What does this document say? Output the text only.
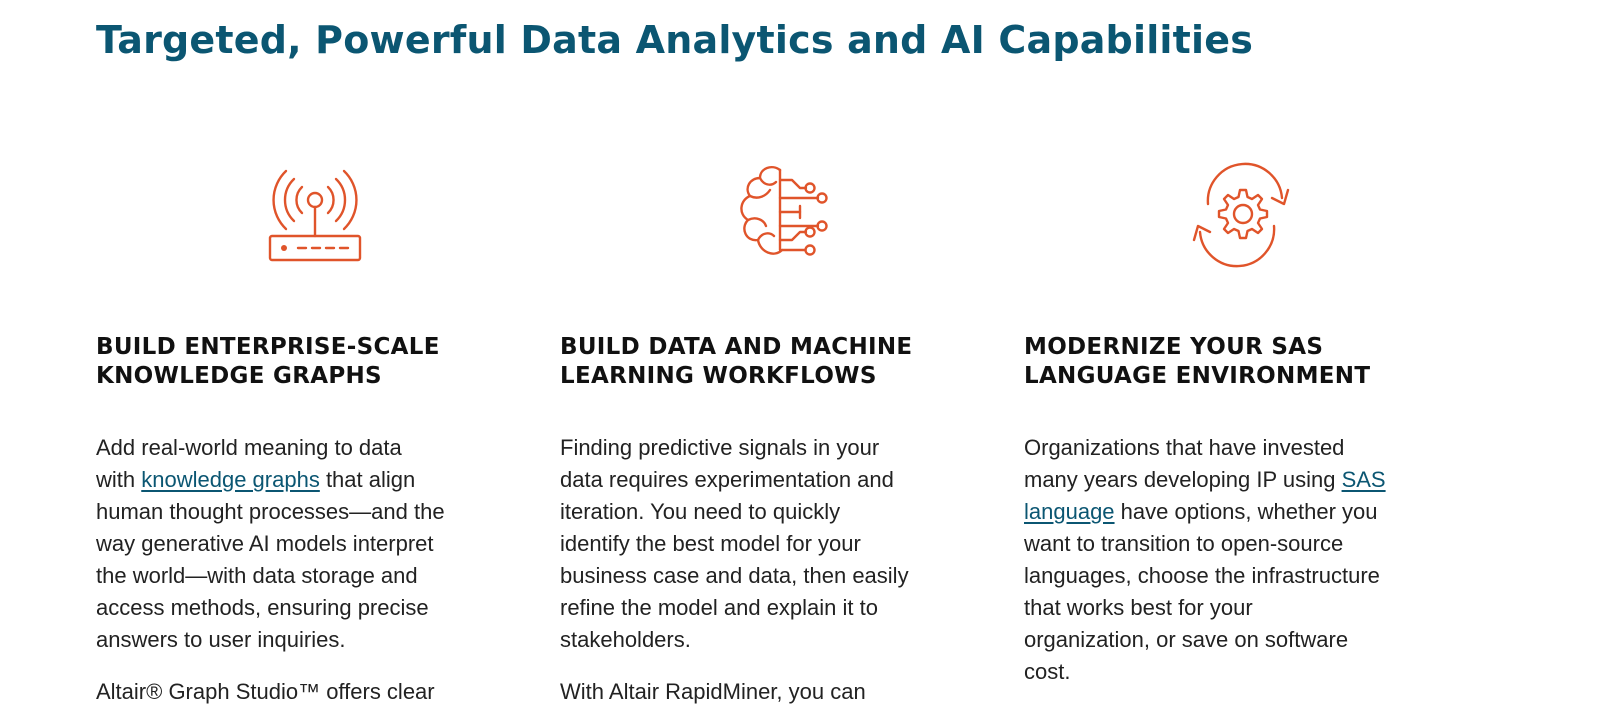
Targeted, Powerful Data Analytics and AI Capabilities
BUILD ENTERPRISE-SCALE
KNOWLEDGE GRAPHS

Add real-world meaning to data
with knowledge graphs that align
human thought processes—and the
way generative AI models interpret
the world—with data storage and
access methods, ensuring precise
answers to user inquiries.

Altair® Graph Studio™ offers clear

BUILD DATA AND MACHINE
LEARNING WORKFLOWS

Finding predictive signals in your
data requires experimentation and
iteration. You need to quickly
identify the best model for your
business case and data, then easily
refine the model and explain it to
stakeholders.

With Altair RapidMiner, you can

MODERNIZE YOUR SAS
LANGUAGE ENVIRONMENT

Organizations that have invested
many years developing IP using SAS
language have options, whether you
want to transition to open-source
languages, choose the infrastructure
that works best for your
organization, or save on software
cost.
